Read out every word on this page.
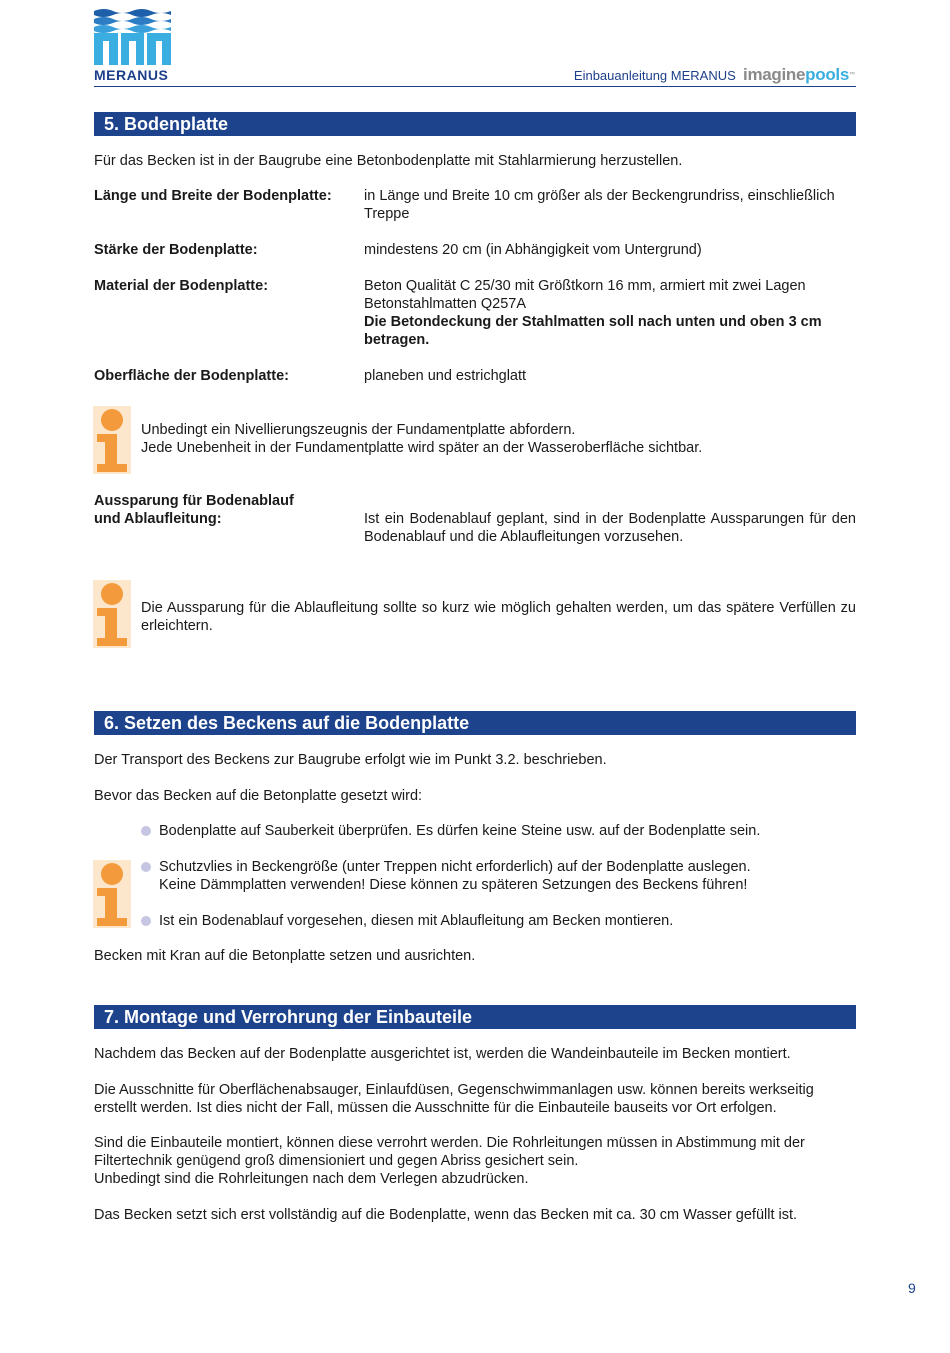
MERANUS	Einbauanleitung MERANUS imaginepools™
5. Bodenplatte
Für das Becken ist in der Baugrube eine Betonbodenplatte mit Stahlarmierung herzustellen.
Länge und Breite der Bodenplatte:	in Länge und Breite 10 cm größer als der Beckengrundriss, einschließlich Treppe
Stärke der Bodenplatte:	mindestens 20 cm (in Abhängigkeit vom Untergrund)
Material der Bodenplatte:	Beton Qualität C 25/30 mit Größtkorn 16 mm, armiert mit zwei Lagen Betonstahlmatten Q257A
Die Betondeckung der Stahlmatten soll nach unten und oben 3 cm betragen.
Oberfläche der Bodenplatte:	planeben und estrichglatt
Unbedingt ein Nivellierungszeugnis der Fundamentplatte abfordern.
Jede Unebenheit in der Fundamentplatte wird später an der Wasseroberfläche sichtbar.
Aussparung für Bodenablauf
und Ablaufleitung:	Ist ein Bodenablauf geplant, sind in der Bodenplatte Aussparungen für den Bodenablauf und die Ablaufleitungen vorzusehen.
Die Aussparung für die Ablaufleitung sollte so kurz wie möglich gehalten werden, um das spätere Verfüllen zu erleichtern.
6. Setzen des Beckens auf die Bodenplatte
Der Transport des Beckens zur Baugrube erfolgt wie im Punkt 3.2. beschrieben.
Bevor das Becken auf die Betonplatte gesetzt wird:
Bodenplatte auf Sauberkeit überprüfen. Es dürfen keine Steine usw. auf der Bodenplatte sein.
Schutzvlies in Beckengröße (unter Treppen nicht erforderlich) auf der Bodenplatte auslegen.
Keine Dämmplatten verwenden! Diese können zu späteren Setzungen des Beckens führen!
Ist ein Bodenablauf vorgesehen, diesen mit Ablaufleitung am Becken montieren.
Becken mit Kran auf die Betonplatte setzen und ausrichten.
7. Montage und Verrohrung der Einbauteile
Nachdem das Becken auf der Bodenplatte ausgerichtet ist, werden die Wandeinbauteile im Becken montiert.
Die Ausschnitte für Oberflächenabsauger, Einlaufdüsen, Gegenschwimmanlagen usw. können bereits werkseitig erstellt werden. Ist dies nicht der Fall, müssen die Ausschnitte für die Einbauteile bauseits vor Ort erfolgen.
Sind die Einbauteile montiert, können diese verrohrt werden. Die Rohrleitungen müssen in Abstimmung mit der Filtertechnik genügend groß dimensioniert und gegen Abriss gesichert sein.
Unbedingt sind die Rohrleitungen nach dem Verlegen abzudrücken.
Das Becken setzt sich erst vollständig auf die Bodenplatte, wenn das Becken mit ca. 30 cm Wasser gefüllt ist.
9
